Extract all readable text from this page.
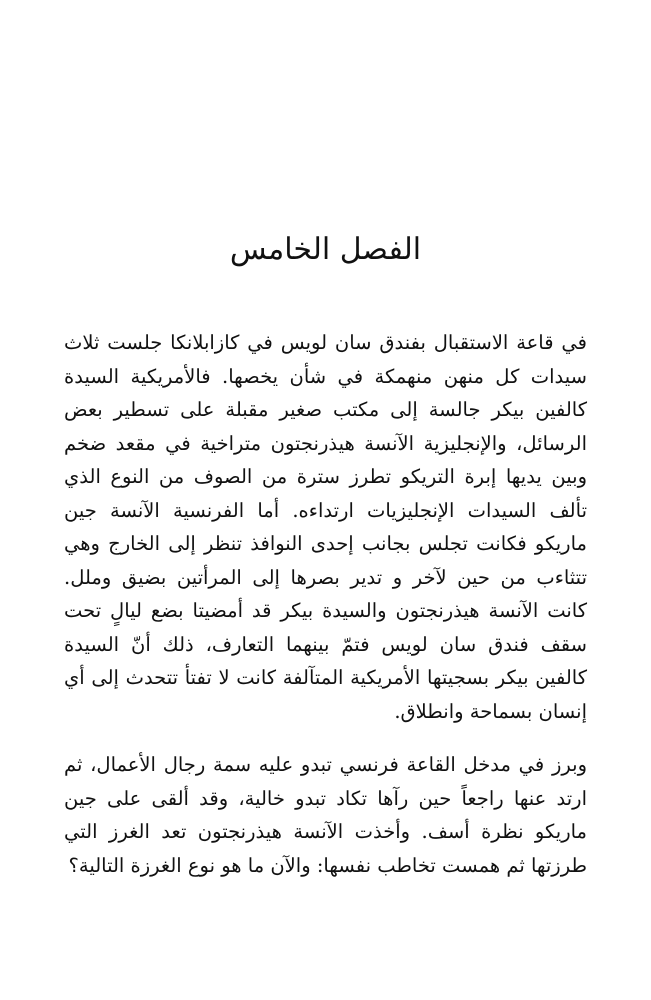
الفصل الخامس

في قاعة الاستقبال بفندق سان لويس في كازابلانكا جلست ثلاث سيدات كل منهن منهمكة في شأن يخصها. فالأمريكية السيدة كالفين بيكر جالسة إلى مكتب صغير مقبلة على تسطير بعض الرسائل، والإنجليزية الآنسة هيذرنجتون متراخية في مقعد ضخم وبين يديها إبرة التريكو تطرز سترة من الصوف من النوع الذي تألف السيدات الإنجليزيات ارتداءه. أما الفرنسية الآنسة جين ماريكو فكانت تجلس بجانب إحدى النوافذ تنظر إلى الخارج وهي تتثاءب من حين لآخر و تدير بصرها إلى المرأتين بضيق وملل. كانت الآنسة هيذرنجتون والسيدة بيكر قد أمضيتا بضع ليالٍ تحت سقف فندق سان لويس فتمّ بينهما التعارف، ذلك أنّ السيدة كالفين بيكر بسجيتها الأمريكية المتآلفة كانت لا تفتأ تتحدث إلى أي إنسان بسماحة وانطلاق.

وبرز في مدخل القاعة فرنسي تبدو عليه سمة رجال الأعمال، ثم ارتد عنها راجعاً حين رآها تكاد تبدو خالية، وقد ألقى على جين ماريكو نظرة أسف. وأخذت الآنسة هيذرنجتون تعد الغرز التي طرزتها ثم همست تخاطب نفسها: والآن ما هو نوع الغرزة التالية؟
